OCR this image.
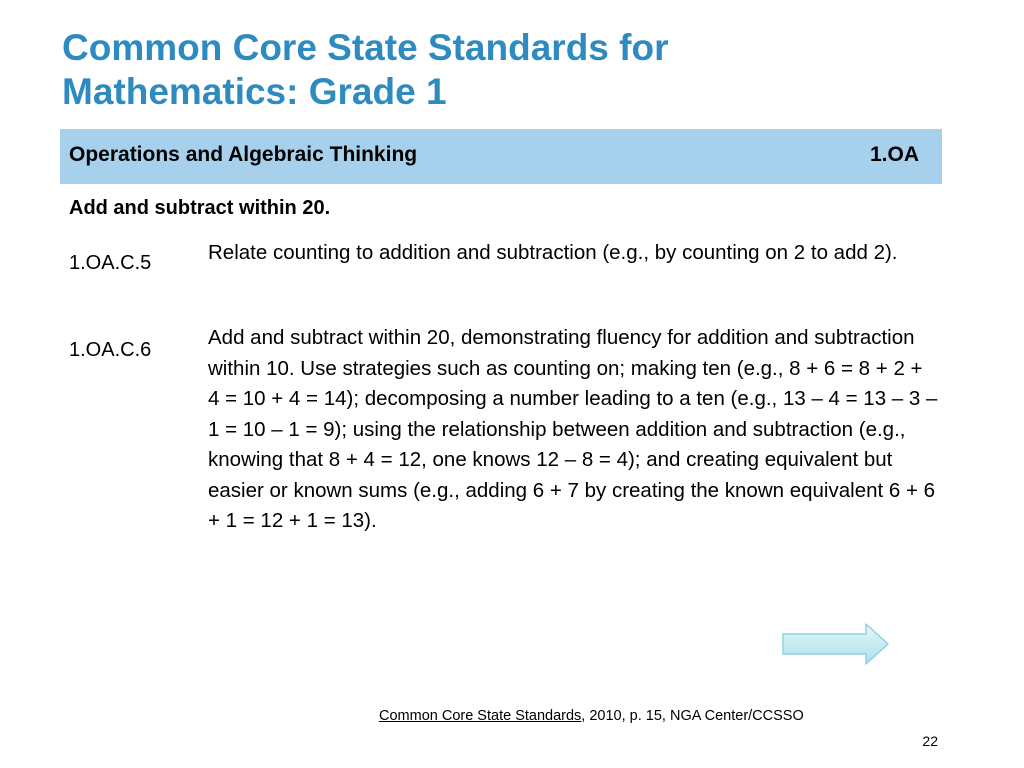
Common Core State Standards for
Mathematics: Grade 1
Operations and Algebraic Thinking	1.OA
Add and subtract within 20.
1.OA.C.5	Relate counting to addition and subtraction (e.g., by counting on 2 to add 2).
1.OA.C.6
Add and subtract within 20, demonstrating fluency for addition and subtraction within 10. Use strategies such as counting on; making ten (e.g., 8 + 6 = 8 + 2 + 4 = 10 + 4 = 14); decomposing a number leading to a ten (e.g., 13 – 4 = 13 – 3 – 1 = 10 – 1 = 9); using the relationship between addition and subtraction (e.g., knowing that 8 + 4 = 12, one knows 12 – 8 = 4); and creating equivalent but easier or known sums (e.g., adding 6 + 7 by creating the known equivalent 6 + 6 + 1 = 12 + 1 = 13).
Common Core State Standards, 2010, p. 15, NGA Center/CCSSO
22
